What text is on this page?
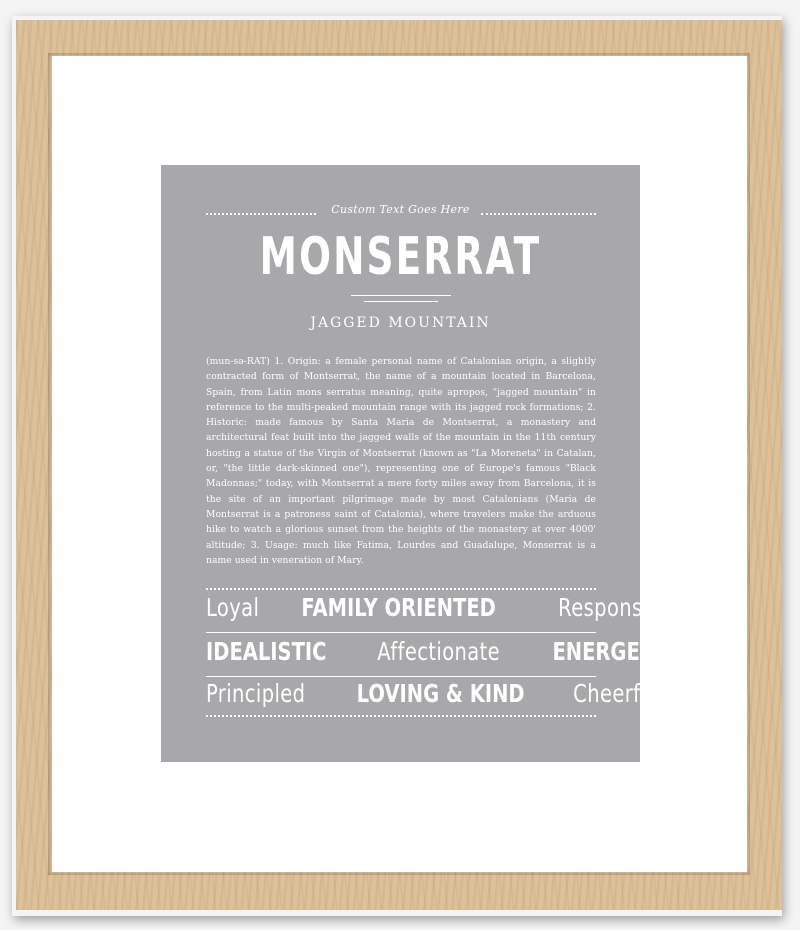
Custom Text Goes Here
MONSERRAT
JAGGED MOUNTAIN
(mun-sə-RAT) 1. Origin: a female personal name of Catalonian origin, a slightly contracted form of Montserrat, the name of a mountain located in Barcelona, Spain, from Latin mons serratus meaning, quite apropos, "jagged mountain" in reference to the multi-peaked mountain range with its jagged rock formations; 2. Historic: made famous by Santa Maria de Montserrat, a monastery and architectural feat built into the jagged walls of the mountain in the 11th century hosting a statue of the Virgin of Montserrat (known as "La Moreneta" in Catalan, or, "the little dark-skinned one"), representing one of Europe's famous "Black Madonnas;" today, with Montserrat a mere forty miles away from Barcelona, it is the site of an important pilgrimage made by most Catalonians (Maria de Montserrat is a patroness saint of Catalonia), where travelers make the arduous hike to watch a glorious sunset from the heights of the monastery at over 4000' altitude; 3. Usage: much like Fatima, Lourdes and Guadalupe, Monserrat is a name used in veneration of Mary.
Loyal FAMILY ORIENTED Responsible
IDEALISTIC Affectionate ENERGETIC
Principled LOVING & KIND Cheerful
